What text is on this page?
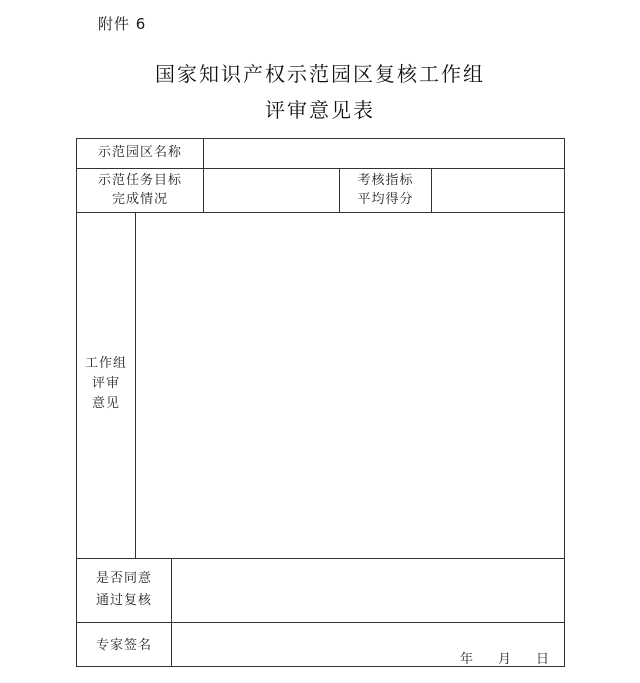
附件 6
国家知识产权示范园区复核工作组
评审意见表
示范园区名称
示范任务目标
完成情况
考核指标
平均得分
工作组
评审
意见
是否同意
通过复核
专家签名
年 月 日
